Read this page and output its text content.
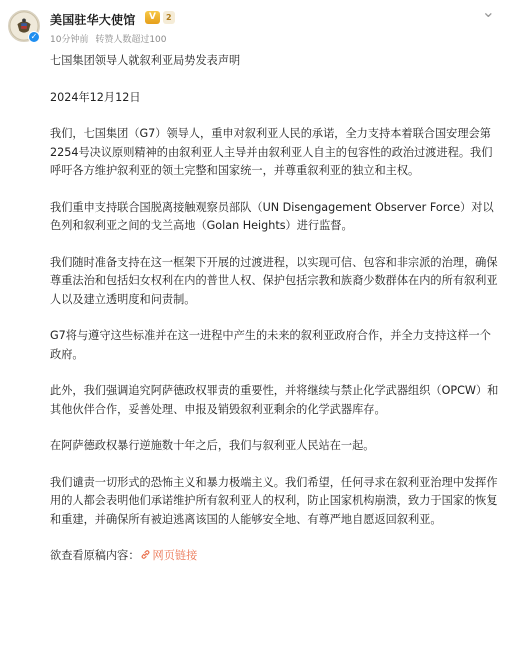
✓
美国驻华大使馆	V	2
10分钟前 转赞人数超过100
⌄

七国集团领导人就叙利亚局势发表声明

2024年12月12日

我们，七国集团（G7）领导人，重申对叙利亚人民的承诺，全力支持本着联合国安理会第2254号决议原则精神的由叙利亚人主导并由叙利亚人自主的包容性的政治过渡进程。我们呼吁各方维护叙利亚的领土完整和国家统一，并尊重叙利亚的独立和主权。

我们重申支持联合国脱离接触观察员部队（UN Disengagement Observer Force）对以色列和叙利亚之间的戈兰高地（Golan Heights）进行监督。

我们随时准备支持在这一框架下开展的过渡进程，以实现可信、包容和非宗派的治理，确保尊重法治和包括妇女权利在内的普世人权、保护包括宗教和族裔少数群体在内的所有叙利亚人以及建立透明度和问责制。

G7将与遵守这些标准并在这一进程中产生的未来的叙利亚政府合作，并全力支持这样一个政府。

此外，我们强调追究阿萨德政权罪责的重要性，并将继续与禁止化学武器组织（OPCW）和其他伙伴合作，妥善处理、申报及销毁叙利亚剩余的化学武器库存。

在阿萨德政权暴行逆施数十年之后，我们与叙利亚人民站在一起。

我们谴责一切形式的恐怖主义和暴力极端主义。我们希望，任何寻求在叙利亚治理中发挥作用的人都会表明他们承诺维护所有叙利亚人的权利，防止国家机构崩溃，致力于国家的恢复和重建，并确保所有被迫逃离该国的人能够安全地、有尊严地自愿返回叙利亚。

欲查看原稿内容： 网页链接
